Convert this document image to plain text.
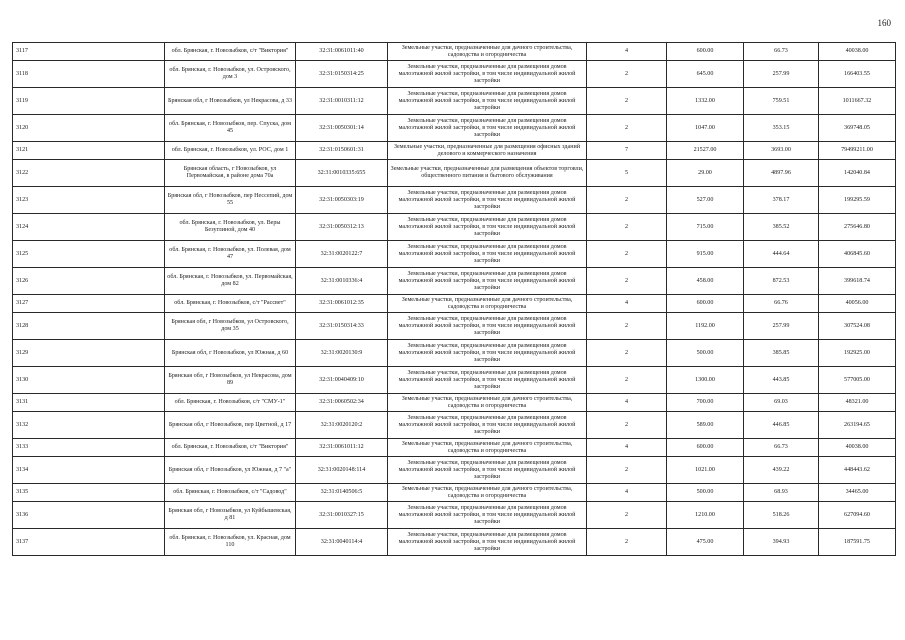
160
3117	обл. Брянская, г. Новозыбков, с/т "Виктория"	32:31:0061011:40	Земельные участки, предназначенные для дачного строительства, садоводства и огородничества	4	600.00	66.73	40038.00
3118	обл. Брянская, г. Новозыбков, ул. Островского, дом 3	32:31:0150314:25	Земельные участки, предназначенные для размещения домов малоэтажной жилой застройки, в том числе индивидуальной жилой застройки	2	645.00	257.99	166403.55
3119	Брянская обл, г Новозыбков, ул Некрасова, д 33	32:31:0010311:12	Земельные участки, предназначенные для размещения домов малоэтажной жилой застройки, в том числе индивидуальной жилой застройки	2	1332.00	759.51	1011667.32
3120	обл. Брянская, г. Новозыбков, пер. Спуска, дом 45	32:31:0050301:14	Земельные участки, предназначенные для размещения домов малоэтажной жилой застройки, в том числе индивидуальной жилой застройки	2	1047.00	353.15	369748.05
3121	обл. Брянская, г. Новозыбков, ул. РОС, дом 1	32:31:0150601:31	Земельные участки, предназначенные для размещения офисных зданий делового и коммерческого назначения	7	21527.00	3693.00	79499211.00
3122	Брянская область, г Новозыбков, ул Первомайская, в районе дома 70а	32:31:0010335:655	Земельные участки, предназначенные для размещения объектов торговли, общественного питания и бытового обслуживания	5	29.00	4897.96	142040.84
3123	Брянская обл, г Новозыбков, пер Нессепий, дом 55	32:31:0050303:19	Земельные участки, предназначенные для размещения домов малоэтажной жилой застройки, в том числе индивидуальной жилой застройки	2	527.00	378.17	199295.59
3124	обл. Брянская, г. Новозыбков, ул. Веры Безуглиной, дом 40	32:31:0050312:13	Земельные участки, предназначенные для размещения домов малоэтажной жилой застройки, в том числе индивидуальной жилой застройки	2	715.00	385.52	275646.80
3125	обл. Брянская, г. Новозыбков, ул. Полевая, дом 47	32:31:0020122:7	Земельные участки, предназначенные для размещения домов малоэтажной жилой застройки, в том числе индивидуальной жилой застройки	2	915.00	444.64	406845.60
3126	обл. Брянская, г. Новозыбков, ул. Первомайская, дом 82	32:31:0010336:4	Земельные участки, предназначенные для размещения домов малоэтажной жилой застройки, в том числе индивидуальной жилой застройки	2	458.00	872.53	399618.74
3127	обл. Брянская, г. Новозыбков, с/т "Рассвет"	32:31:0061012:35	Земельные участки, предназначенные для дачного строительства, садоводства и огородничества	4	600.00	66.76	40056.00
3128	Брянская обл, г Новозыбков, ул Островского, дом 35	32:31:0150314:33	Земельные участки, предназначенные для размещения домов малоэтажной жилой застройки, в том числе индивидуальной жилой застройки	2	1192.00	257.99	307524.08
3129	Брянская обл, г Новозыбков, ул Южная, д 60	32:31:0020130:9	Земельные участки, предназначенные для размещения домов малоэтажной жилой застройки, в том числе индивидуальной жилой застройки	2	500.00	385.85	192925.00
3130	Брянская обл, г Новозыбков, ул Некрасова, дом 89	32:31:0040409:10	Земельные участки, предназначенные для размещения домов малоэтажной жилой застройки, в том числе индивидуальной жилой застройки	2	1300.00	443.85	577005.00
3131	обл. Брянская, г. Новозыбков, с/т "СМУ-1"	32:31:0060502:34	Земельные участки, предназначенные для дачного строительства, садоводства и огородничества	4	700.00	69.03	48321.00
3132	Брянская обл, г Новозыбков, пер Цветной, д 17	32:31:0020120:2	Земельные участки, предназначенные для размещения домов малоэтажной жилой застройки, в том числе индивидуальной жилой застройки	2	589.00	446.85	263194.65
3133	обл. Брянская, г. Новозыбков, с/т "Виктория"	32:31:0061011:12	Земельные участки, предназначенные для дачного строительства, садоводства и огородничества	4	600.00	66.73	40038.00
3134	Брянская обл, г Новозыбков, ул Южная, д 7 "а"	32:31:0020148:114	Земельные участки, предназначенные для размещения домов малоэтажной жилой застройки, в том числе индивидуальной жилой застройки	2	1021.00	439.22	448443.62
3135	обл. Брянская, г. Новозыбков, с/т "Садовод"	32:31:0140506:5	Земельные участки, предназначенные для дачного строительства, садоводства и огородничества	4	500.00	68.93	34465.00
3136	Брянская обл, г Новозыбков, ул Куйбышевская, д 81	32:31:0010327:15	Земельные участки, предназначенные для размещения домов малоэтажной жилой застройки, в том числе индивидуальной жилой застройки	2	1210.00	518.26	627094.60
3137	обл. Брянская, г. Новозыбков, ул. Красная, дом 110	32:31:0040114:4	Земельные участки, предназначенные для размещения домов малоэтажной жилой застройки, в том числе индивидуальной жилой застройки	2	475.00	394.93	187591.75
